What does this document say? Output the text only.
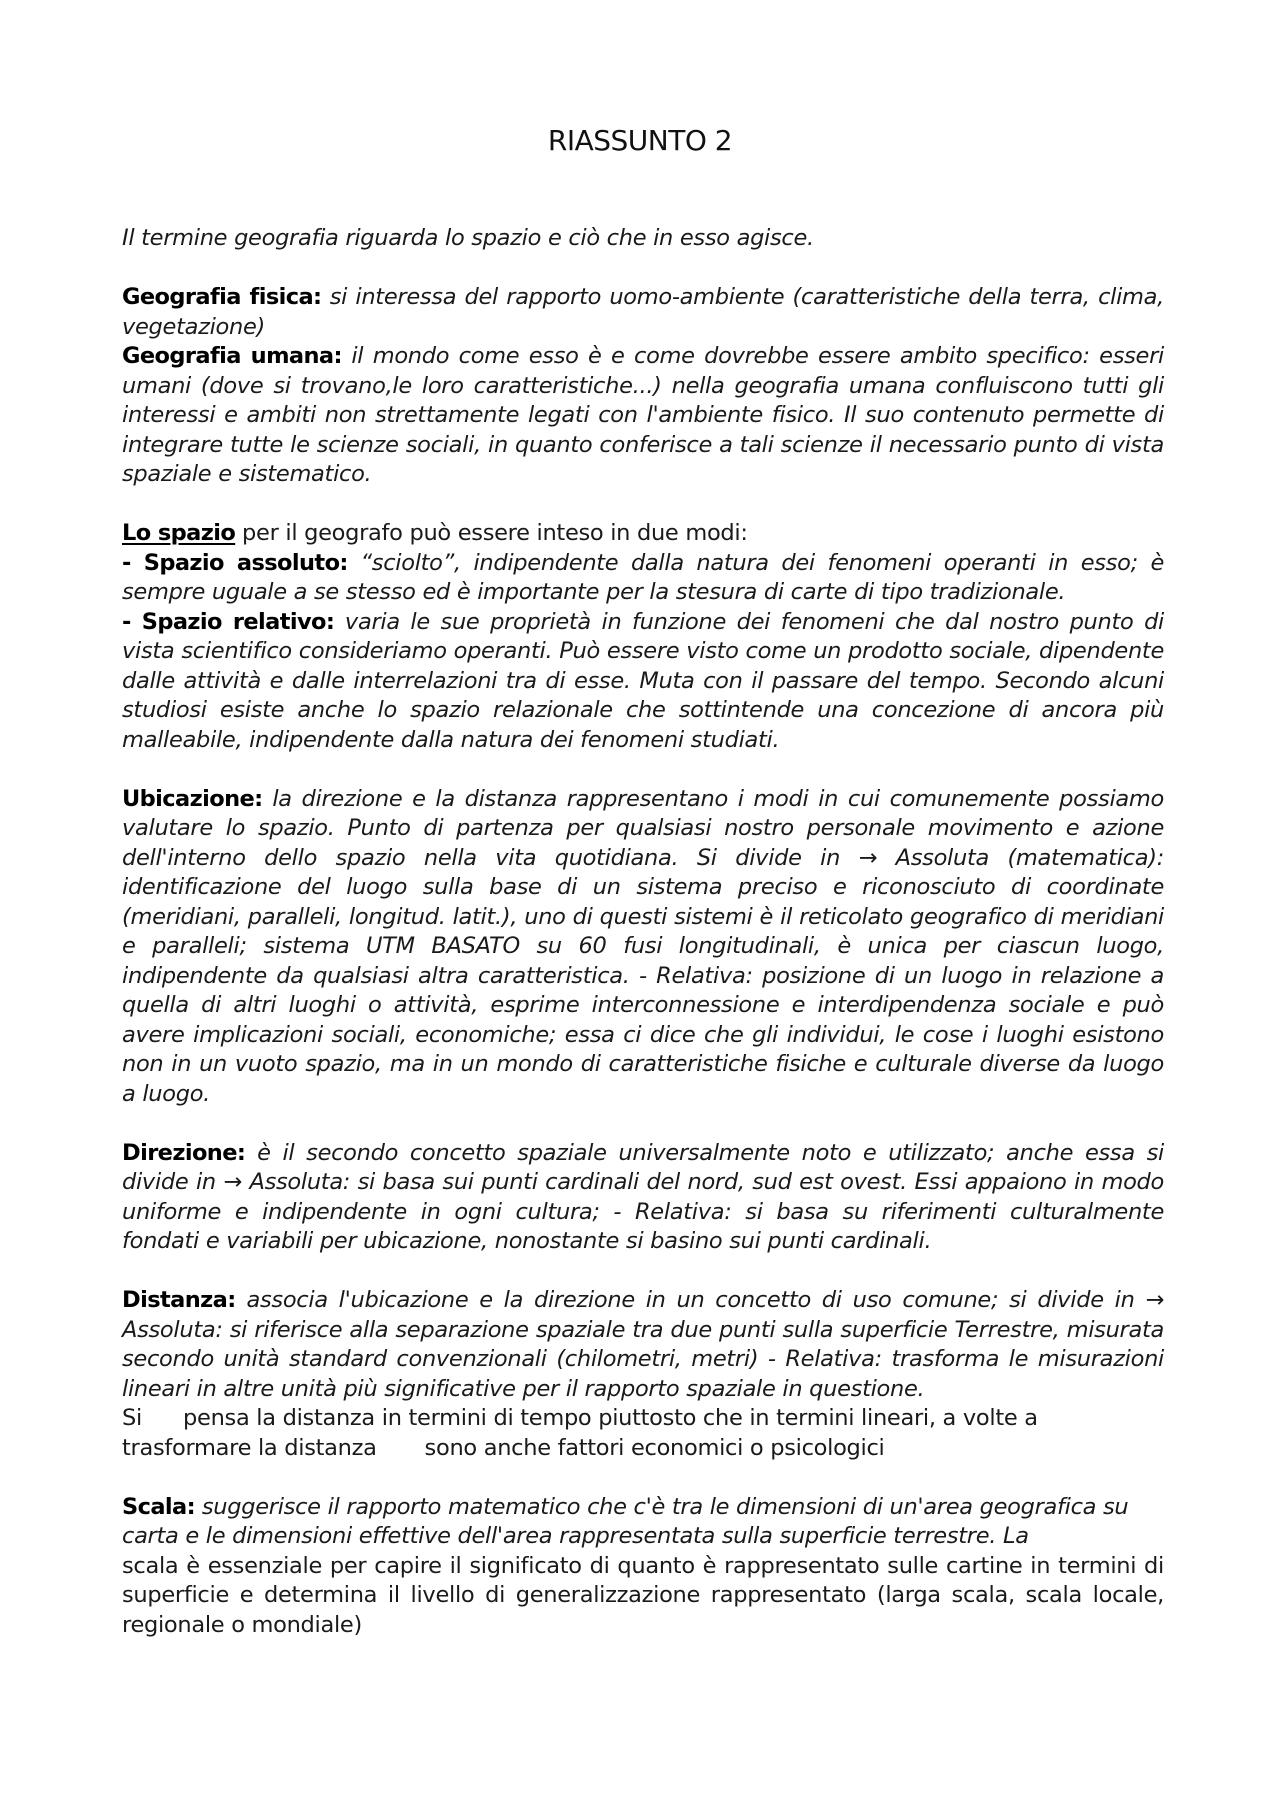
RIASSUNTO 2

Il termine geografia riguarda lo spazio e ciò che in esso agisce.

Geografia fisica: si interessa del rapporto uomo-ambiente (caratteristiche della terra, clima, vegetazione)

Geografia umana: il mondo come esso è e come dovrebbe essere ambito specifico: esseri umani (dove si trovano,le loro caratteristiche...) nella geografia umana confluiscono tutti gli interessi e ambiti non strettamente legati con l'ambiente fisico. Il suo contenuto permette di integrare tutte le scienze sociali, in quanto conferisce a tali scienze il necessario punto di vista spaziale e sistematico.

Lo spazio per il geografo può essere inteso in due modi:

- Spazio assoluto: “sciolto”, indipendente dalla natura dei fenomeni operanti in esso; è sempre uguale a se stesso ed è importante per la stesura di carte di tipo tradizionale.

- Spazio relativo: varia le sue proprietà in funzione dei fenomeni che dal nostro punto di vista scientifico consideriamo operanti. Può essere visto come un prodotto sociale, dipendente dalle attività e dalle interrelazioni tra di esse. Muta con il passare del tempo. Secondo alcuni studiosi esiste anche lo spazio relazionale che sottintende una concezione di ancora più malleabile, indipendente dalla natura dei fenomeni studiati.

Ubicazione: la direzione e la distanza rappresentano i modi in cui comunemente possiamo valutare lo spazio. Punto di partenza per qualsiasi nostro personale movimento e azione dell'interno dello spazio nella vita quotidiana. Si divide in → Assoluta (matematica): identificazione del luogo sulla base di un sistema preciso e riconosciuto di coordinate (meridiani, paralleli, longitud. latit.), uno di questi sistemi è il reticolato geografico di meridiani e paralleli; sistema UTM BASATO su 60 fusi longitudinali, è unica per ciascun luogo, indipendente da qualsiasi altra caratteristica. - Relativa: posizione di un luogo in relazione a quella di altri luoghi o attività, esprime interconnessione e interdipendenza sociale e può avere implicazioni sociali, economiche; essa ci dice che gli individui, le cose i luoghi esistono non in un vuoto spazio, ma in un mondo di caratteristiche fisiche e culturale diverse da luogo a luogo.

Direzione: è il secondo concetto spaziale universalmente noto e utilizzato; anche essa si divide in → Assoluta: si basa sui punti cardinali del nord, sud est ovest. Essi appaiono in modo uniforme e indipendente in ogni cultura; - Relativa: si basa su riferimenti culturalmente fondati e variabili per ubicazione, nonostante si basino sui punti cardinali.

Distanza: associa l'ubicazione e la direzione in un concetto di uso comune; si divide in → Assoluta: si riferisce alla separazione spaziale tra due punti sulla superficie Terrestre, misurata secondo unità standard convenzionali (chilometri, metri) - Relativa: trasforma le misurazioni lineari in altre unità più significative per il rapporto spaziale in questione.

Si      pensa la distanza in termini di tempo piuttosto che in termini lineari, a volte a

trasformare la distanza       sono anche fattori economici o psicologici

Scala: suggerisce il rapporto matematico che c'è tra le dimensioni di un'area geografica su carta e le dimensioni effettive dell'area rappresentata sulla superficie terrestre. La

scala è essenziale per capire il significato di quanto è rappresentato sulle cartine in termini di superficie e determina il livello di generalizzazione rappresentato (larga scala, scala locale, regionale o mondiale)
